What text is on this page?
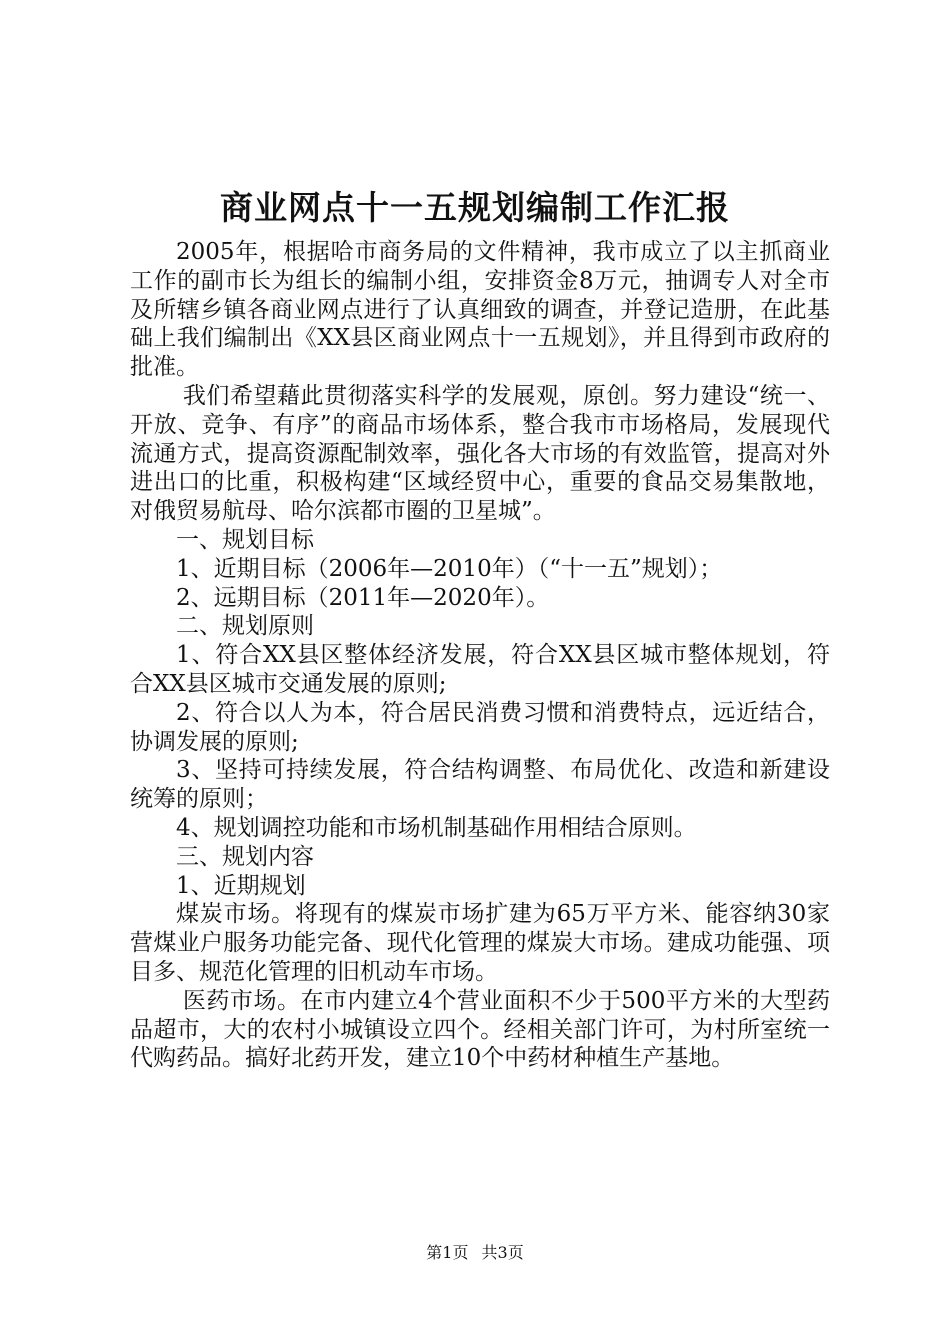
商业网点十一五规划编制工作汇报

2005年，根据哈市商务局的文件精神，我市成立了以主抓商业工作的副市长为组长的编制小组，安排资金8万元，抽调专人对全市及所辖乡镇各商业网点进行了认真细致的调查，并登记造册，在此基础上我们编制出《XX县区商业网点十一五规划》，并且得到市政府的批准。

我们希望藉此贯彻落实科学的发展观，原创。努力建设“统一、开放、竞争、有序”的商品市场体系，整合我市市场格局，发展现代流通方式，提高资源配制效率，强化各大市场的有效监管，提高对外进出口的比重，积极构建“区域经贸中心，重要的食品交易集散地，对俄贸易航母、哈尔滨都市圈的卫星城”。

一、规划目标

1、近期目标（2006年—2010年）（“十一五”规划）；

2、远期目标（2011年—2020年）。

二、规划原则

1、符合XX县区整体经济发展，符合XX县区城市整体规划，符合XX县区城市交通发展的原则;

2、符合以人为本，符合居民消费习惯和消费特点，远近结合，协调发展的原则;

3、坚持可持续发展，符合结构调整、布局优化、改造和新建设统筹的原则；

4、规划调控功能和市场机制基础作用相结合原则。

三、规划内容

1、近期规划

煤炭市场。将现有的煤炭市场扩建为65万平方米、能容纳30家营煤业户服务功能完备、现代化管理的煤炭大市场。建成功能强、项目多、规范化管理的旧机动车市场。

医药市场。在市内建立4个营业面积不少于500平方米的大型药品超市，大的农村小城镇设立四个。经相关部门许可，为村所室统一代购药品。搞好北药开发，建立10个中药材种植生产基地。

第1页 共3页
